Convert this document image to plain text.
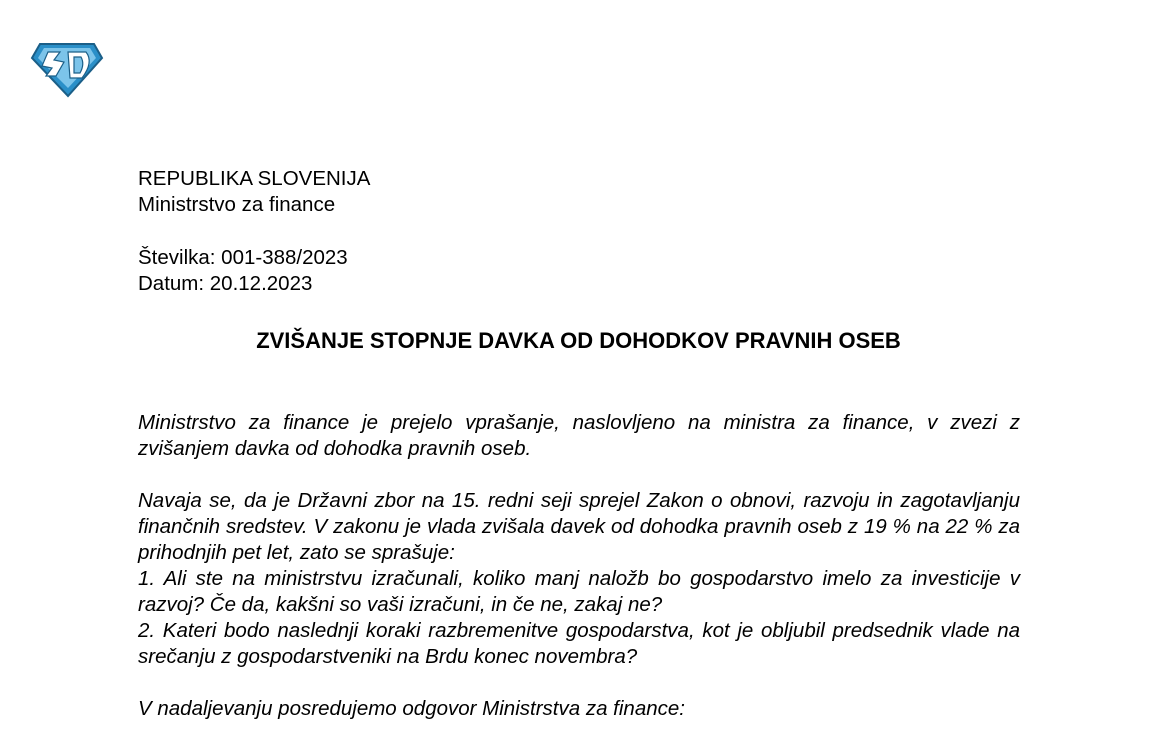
REPUBLIKA SLOVENIJA
Ministrstvo za finance
Številka: 001-388/2023
Datum: 20.12.2023
ZVIŠANJE STOPNJE DAVKA OD DOHODKOV PRAVNIH OSEB

Ministrstvo za finance je prejelo vprašanje, naslovljeno na ministra za finance, v zvezi z zvišanjem davka od dohodka pravnih oseb.

Navaja se, da je Državni zbor na 15. redni seji sprejel Zakon o obnovi, razvoju in zagotavljanju finančnih sredstev. V zakonu je vlada zvišala davek od dohodka pravnih oseb z 19 % na 22 % za prihodnjih pet let, zato se sprašuje:

1. Ali ste na ministrstvu izračunali, koliko manj naložb bo gospodarstvo imelo za investicije v razvoj? Če da, kakšni so vaši izračuni, in če ne, zakaj ne?

2. Kateri bodo naslednji koraki razbremenitve gospodarstva, kot je obljubil predsednik vlade na srečanju z gospodarstveniki na Brdu konec novembra?

V nadaljevanju posredujemo odgovor Ministrstva za finance:
